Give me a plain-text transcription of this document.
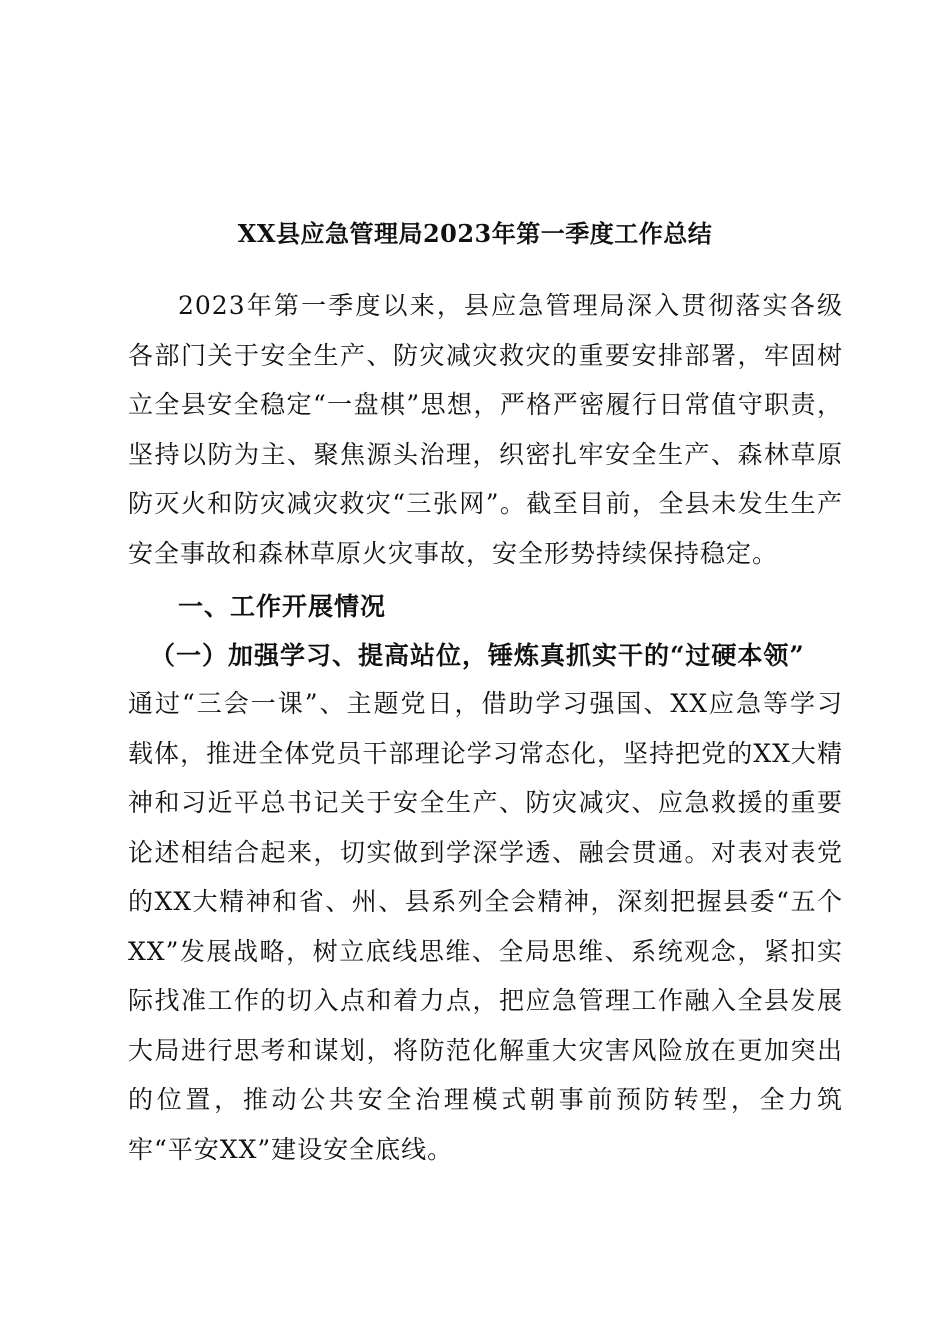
XX县应急管理局2023年第一季度工作总结
2023年第一季度以来，县应急管理局深入贯彻落实各级各部门关于安全生产、防灾减灾救灾的重要安排部署，牢固树立全县安全稳定“一盘棋”思想，严格严密履行日常值守职责，坚持以防为主、聚焦源头治理，织密扎牢安全生产、森林草原防灭火和防灾减灾救灾“三张网”。截至目前，全县未发生生产安全事故和森林草原火灾事故，安全形势持续保持稳定。
一、工作开展情况
（一）加强学习、提高站位，锤炼真抓实干的“过硬本领”
通过“三会一课”、主题党日，借助学习强国、XX应急等学习载体，推进全体党员干部理论学习常态化，坚持把党的XX大精神和习近平总书记关于安全生产、防灾减灾、应急救援的重要论述相结合起来，切实做到学深学透、融会贯通。对表对表党的XX大精神和省、州、县系列全会精神，深刻把握县委“五个XX”发展战略，树立底线思维、全局思维、系统观念，紧扣实际找准工作的切入点和着力点，把应急管理工作融入全县发展大局进行思考和谋划，将防范化解重大灾害风险放在更加突出的位置，推动公共安全治理模式朝事前预防转型，全力筑牢“平安XX”建设安全底线。
